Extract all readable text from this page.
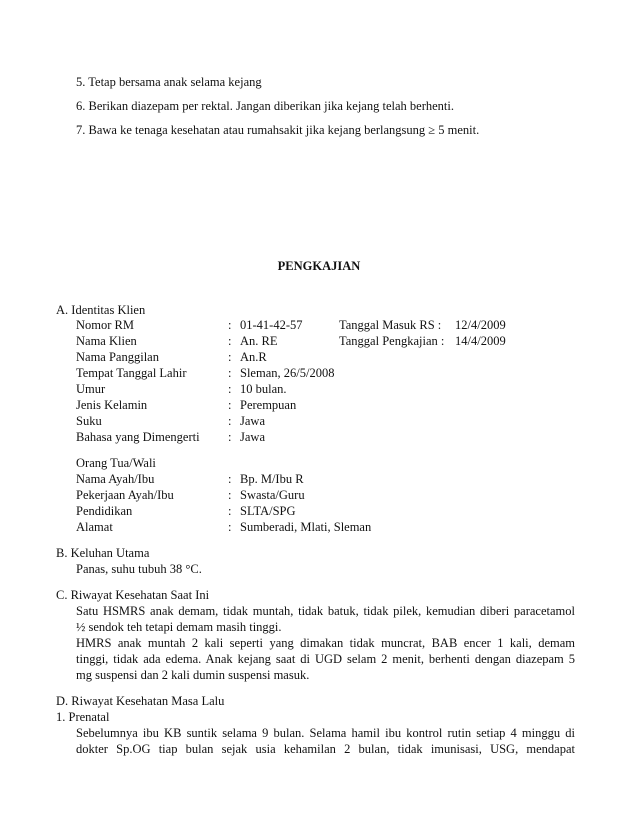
5. Tetap bersama anak selama kejang
6. Berikan diazepam per rektal. Jangan diberikan jika kejang telah berhenti.
7. Bawa ke tenaga kesehatan atau rumahsakit jika kejang berlangsung ≥ 5 menit.
PENGKAJIAN
A. Identitas Klien
Nomor RM	: 01-41-42-57	Tanggal Masuk RS : 12/4/2009
Nama Klien	: An. RE	Tanggal Pengkajian : 14/4/2009
Nama Panggilan	: An.R
Tempat Tanggal Lahir	: Sleman, 26/5/2008
Umur	: 10 bulan.
Jenis Kelamin	: Perempuan
Suku	: Jawa
Bahasa yang Dimengerti : Jawa
Orang Tua/Wali
Nama Ayah/Ibu	: Bp. M/Ibu R
Pekerjaan Ayah/Ibu	: Swasta/Guru
Pendidikan	: SLTA/SPG
Alamat	: Sumberadi, Mlati, Sleman
B. Keluhan Utama
Panas, suhu tubuh 38 °C.
C. Riwayat Kesehatan Saat Ini
Satu HSMRS anak demam, tidak muntah, tidak batuk, tidak pilek, kemudian diberi paracetamol
½ sendok teh tetapi demam masih tinggi.
HMRS anak muntah 2 kali seperti yang dimakan tidak muncrat, BAB encer 1 kali, demam
tinggi, tidak ada edema. Anak kejang saat di UGD selam 2 menit, berhenti dengan diazepam 5
mg suspensi dan 2 kali dumin suspensi masuk.
D. Riwayat Kesehatan Masa Lalu
1. Prenatal
Sebelumnya ibu KB suntik selama 9 bulan. Selama hamil ibu kontrol rutin setiap 4 minggu di
dokter Sp.OG tiap bulan sejak usia kehamilan 2 bulan, tidak imunisasi, USG, mendapat
